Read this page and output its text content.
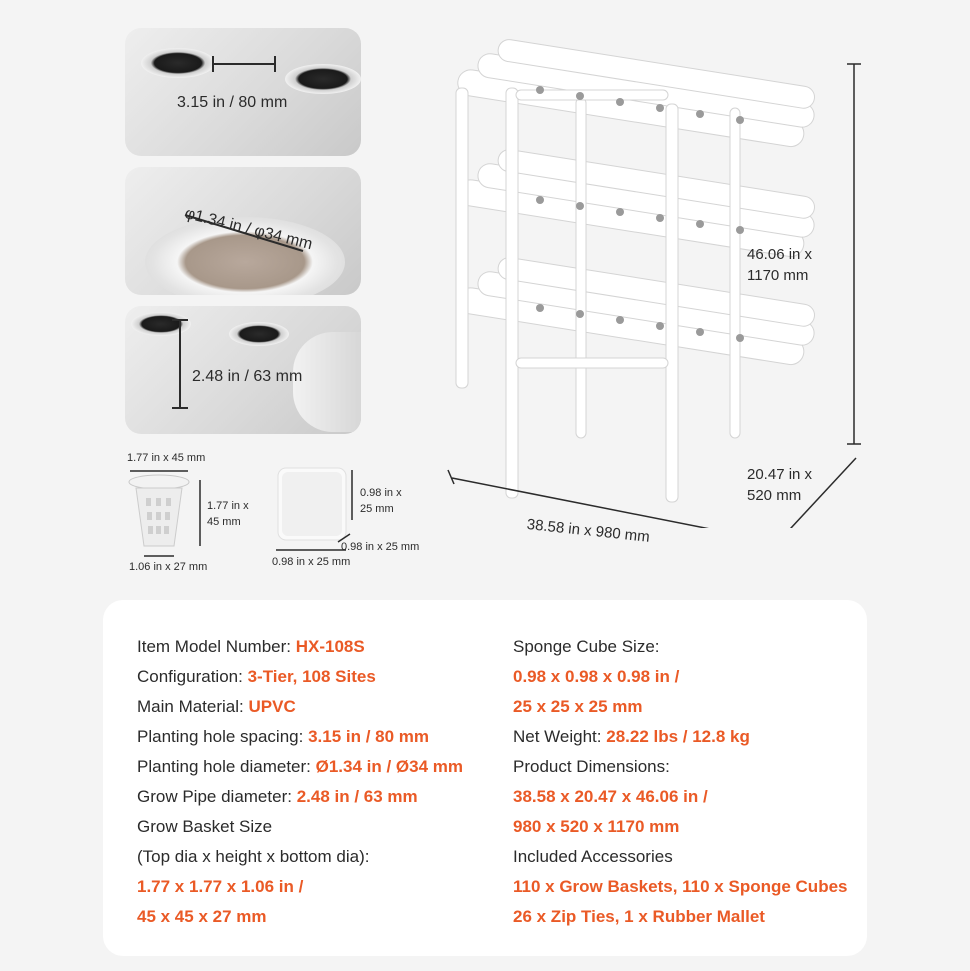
3.15 in / 80 mm
φ1.34 in / φ34 mm
2.48 in / 63 mm
1.77 in x 45 mm
1.77 in x
45 mm
1.06 in x 27 mm
0.98 in x
25 mm
0.98 in x 25 mm
0.98 in x 25 mm
46.06 in x
1170 mm
20.47 in x
520 mm
38.58 in x 980 mm
Item Model Number: HX-108S
Configuration: 3-Tier, 108 Sites
Main Material: UPVC
Planting hole spacing: 3.15 in / 80 mm
Planting hole diameter: Ø1.34 in / Ø34 mm
Grow Pipe diameter: 2.48 in / 63 mm
Grow Basket Size
(Top dia x height x bottom dia):
1.77 x 1.77 x 1.06 in /
45 x 45 x 27 mm
Sponge Cube Size:
0.98 x 0.98 x 0.98 in /
25 x 25 x 25 mm
Net Weight: 28.22 lbs / 12.8 kg
Product Dimensions:
38.58 x 20.47 x 46.06 in /
980 x 520 x 1170 mm
Included Accessories
110 x Grow Baskets, 110 x Sponge Cubes
26 x Zip Ties, 1 x Rubber Mallet
